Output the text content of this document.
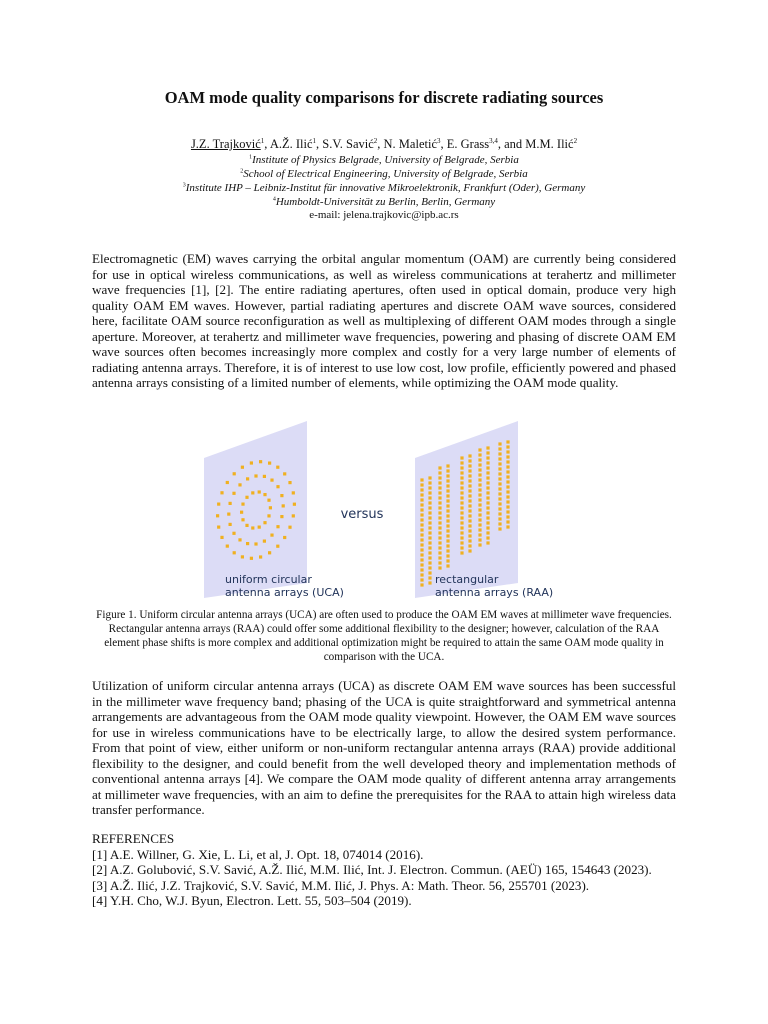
OAM mode quality comparisons for discrete radiating sources
J.Z. Trajković$^1$, A.Ž. Ilić$^1$, S.V. Savić$^2$, N. Maletić$^3$, E. Grass$^{3,4}$, and M.M. Ilić$^2$
$^1$Institute of Physics Belgrade, University of Belgrade, Serbia
$^2$School of Electrical Engineering, University of Belgrade, Serbia
$^3$Institute IHP – Leibniz-Institut für innovative Mikroelektronik, Frankfurt (Oder), Germany
$^4$Humboldt-Universität zu Berlin, Berlin, Germany
e-mail: jelena.trajkovic@ipb.ac.rs

Electromagnetic (EM) waves carrying the orbital angular momentum (OAM) are currently being considered for use in optical wireless communications, as well as wireless communications at terahertz and millimeter wave frequencies [1], [2]. The entire radiating apertures, often used in optical domain, produce very high quality OAM EM waves. However, partial radiating apertures and discrete OAM wave sources, considered here, facilitate OAM source reconfiguration as well as multiplexing of different OAM modes through a single aperture. Moreover, at terahertz and millimeter wave frequencies, powering and phasing of discrete OAM EM wave sources often becomes increasingly more complex and costly for a very large number of elements of radiating antenna arrays. Therefore, it is of interest to use low cost, low profile, efficiently powered and phased antenna arrays consisting of a limited number of elements, while optimizing the OAM mode quality.

versus
uniform circular
antenna arrays (UCA)
rectangular
antenna arrays (RAA)
Figure 1. Uniform circular antenna arrays (UCA) are often used to produce the OAM EM waves at millimeter wave frequencies. Rectangular antenna arrays (RAA) could offer some additional flexibility to the designer; however, calculation of the RAA element phase shifts is more complex and additional optimization might be required to attain the same OAM mode quality in comparison with the UCA.

Utilization of uniform circular antenna arrays (UCA) as discrete OAM EM wave sources has been successful in the millimeter wave frequency band; phasing of the UCA is quite straightforward and symmetrical antenna arrangements are advantageous from the OAM mode quality viewpoint. However, the OAM EM wave sources for use in wireless communications have to be electrically large, to allow the desired system performance. From that point of view, either uniform or non-uniform rectangular antenna arrays (RAA) provide additional flexibility to the designer, and could benefit from the well developed theory and implementation methods of conventional antenna arrays [4]. We compare the OAM mode quality of different antenna array arrangements at millimeter wave frequencies, with an aim to define the prerequisites for the RAA to attain high wireless data transfer performance.

REFERENCES
[1] A.E. Willner, G. Xie, L. Li, et al, J. Opt. 18, 074014 (2016).
[2] A.Z. Golubović, S.V. Savić, A.Ž. Ilić, M.M. Ilić, Int. J. Electron. Commun. (AEÜ) 165, 154643 (2023).
[3] A.Ž. Ilić, J.Z. Trajković, S.V. Savić, M.M. Ilić, J. Phys. A: Math. Theor. 56, 255701 (2023).
[4] Y.H. Cho, W.J. Byun, Electron. Lett. 55, 503–504 (2019).
